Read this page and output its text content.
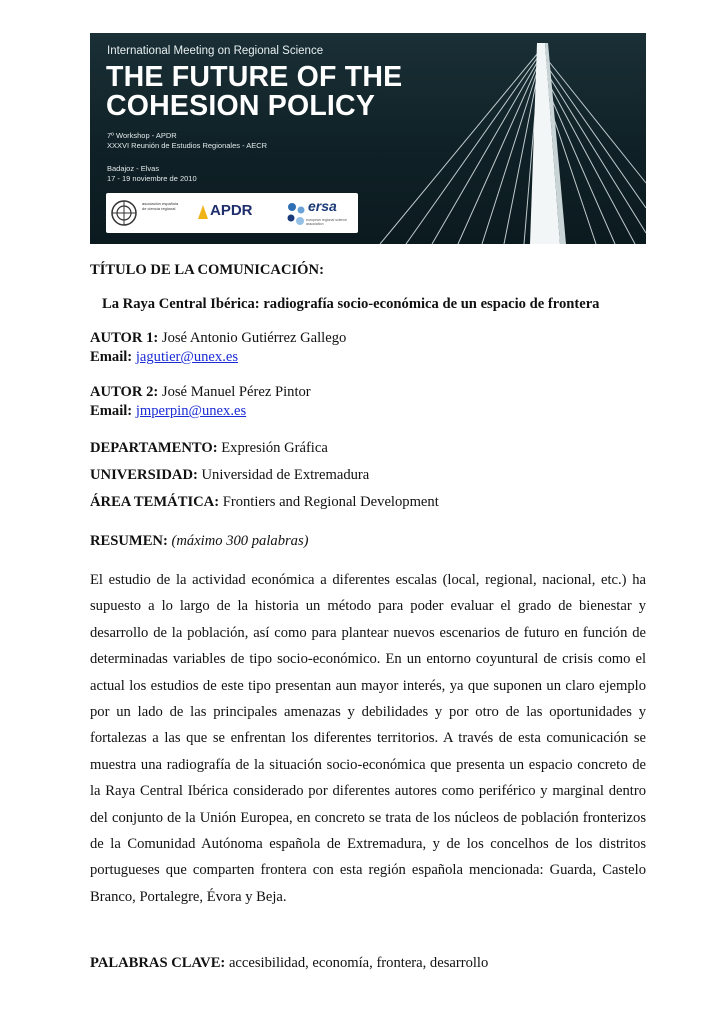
International Meeting on Regional Science
THE FUTURE OF THE
COHESION POLICY
7º Workshop - APDR
XXXVI Reunión de Estudios Regionales - AECR
Badajoz - Elvas
17 - 19 noviembre de 2010
asociación española de ciencia regional	APDR	ersa
european regional science association
TÍTULO DE LA COMUNICACIÓN:
La Raya Central Ibérica: radiografía socio-económica de un espacio de frontera
AUTOR 1: José Antonio Gutiérrez Gallego
Email: jagutier@unex.es
AUTOR 2: José Manuel Pérez Pintor
Email: jmperpin@unex.es
DEPARTAMENTO: Expresión Gráfica
UNIVERSIDAD: Universidad de Extremadura
ÁREA TEMÁTICA: Frontiers and Regional Development
RESUMEN: (máximo 300 palabras)
El estudio de la actividad económica a diferentes escalas (local, regional, nacional, etc.) ha supuesto a lo largo de la historia un método para poder evaluar el grado de bienestar y desarrollo de la población, así como para plantear nuevos escenarios de futuro en función de determinadas variables de tipo socio-económico. En un entorno coyuntural de crisis como el actual los estudios de este tipo presentan aun mayor interés, ya que suponen un claro ejemplo por un lado de las principales amenazas y debilidades y por otro de las oportunidades y fortalezas a las que se enfrentan los diferentes territorios. A través de esta comunicación se muestra una radiografía de la situación socio-económica que presenta un espacio concreto de la Raya Central Ibérica considerado por diferentes autores como periférico y marginal dentro del conjunto de la Unión Europea, en concreto se trata de los núcleos de población fronterizos de la Comunidad Autónoma española de Extremadura, y de los concelhos de los distritos portugueses que comparten frontera con esta región española mencionada: Guarda, Castelo Branco, Portalegre, Évora y Beja.
PALABRAS CLAVE: accesibilidad, economía, frontera, desarrollo
